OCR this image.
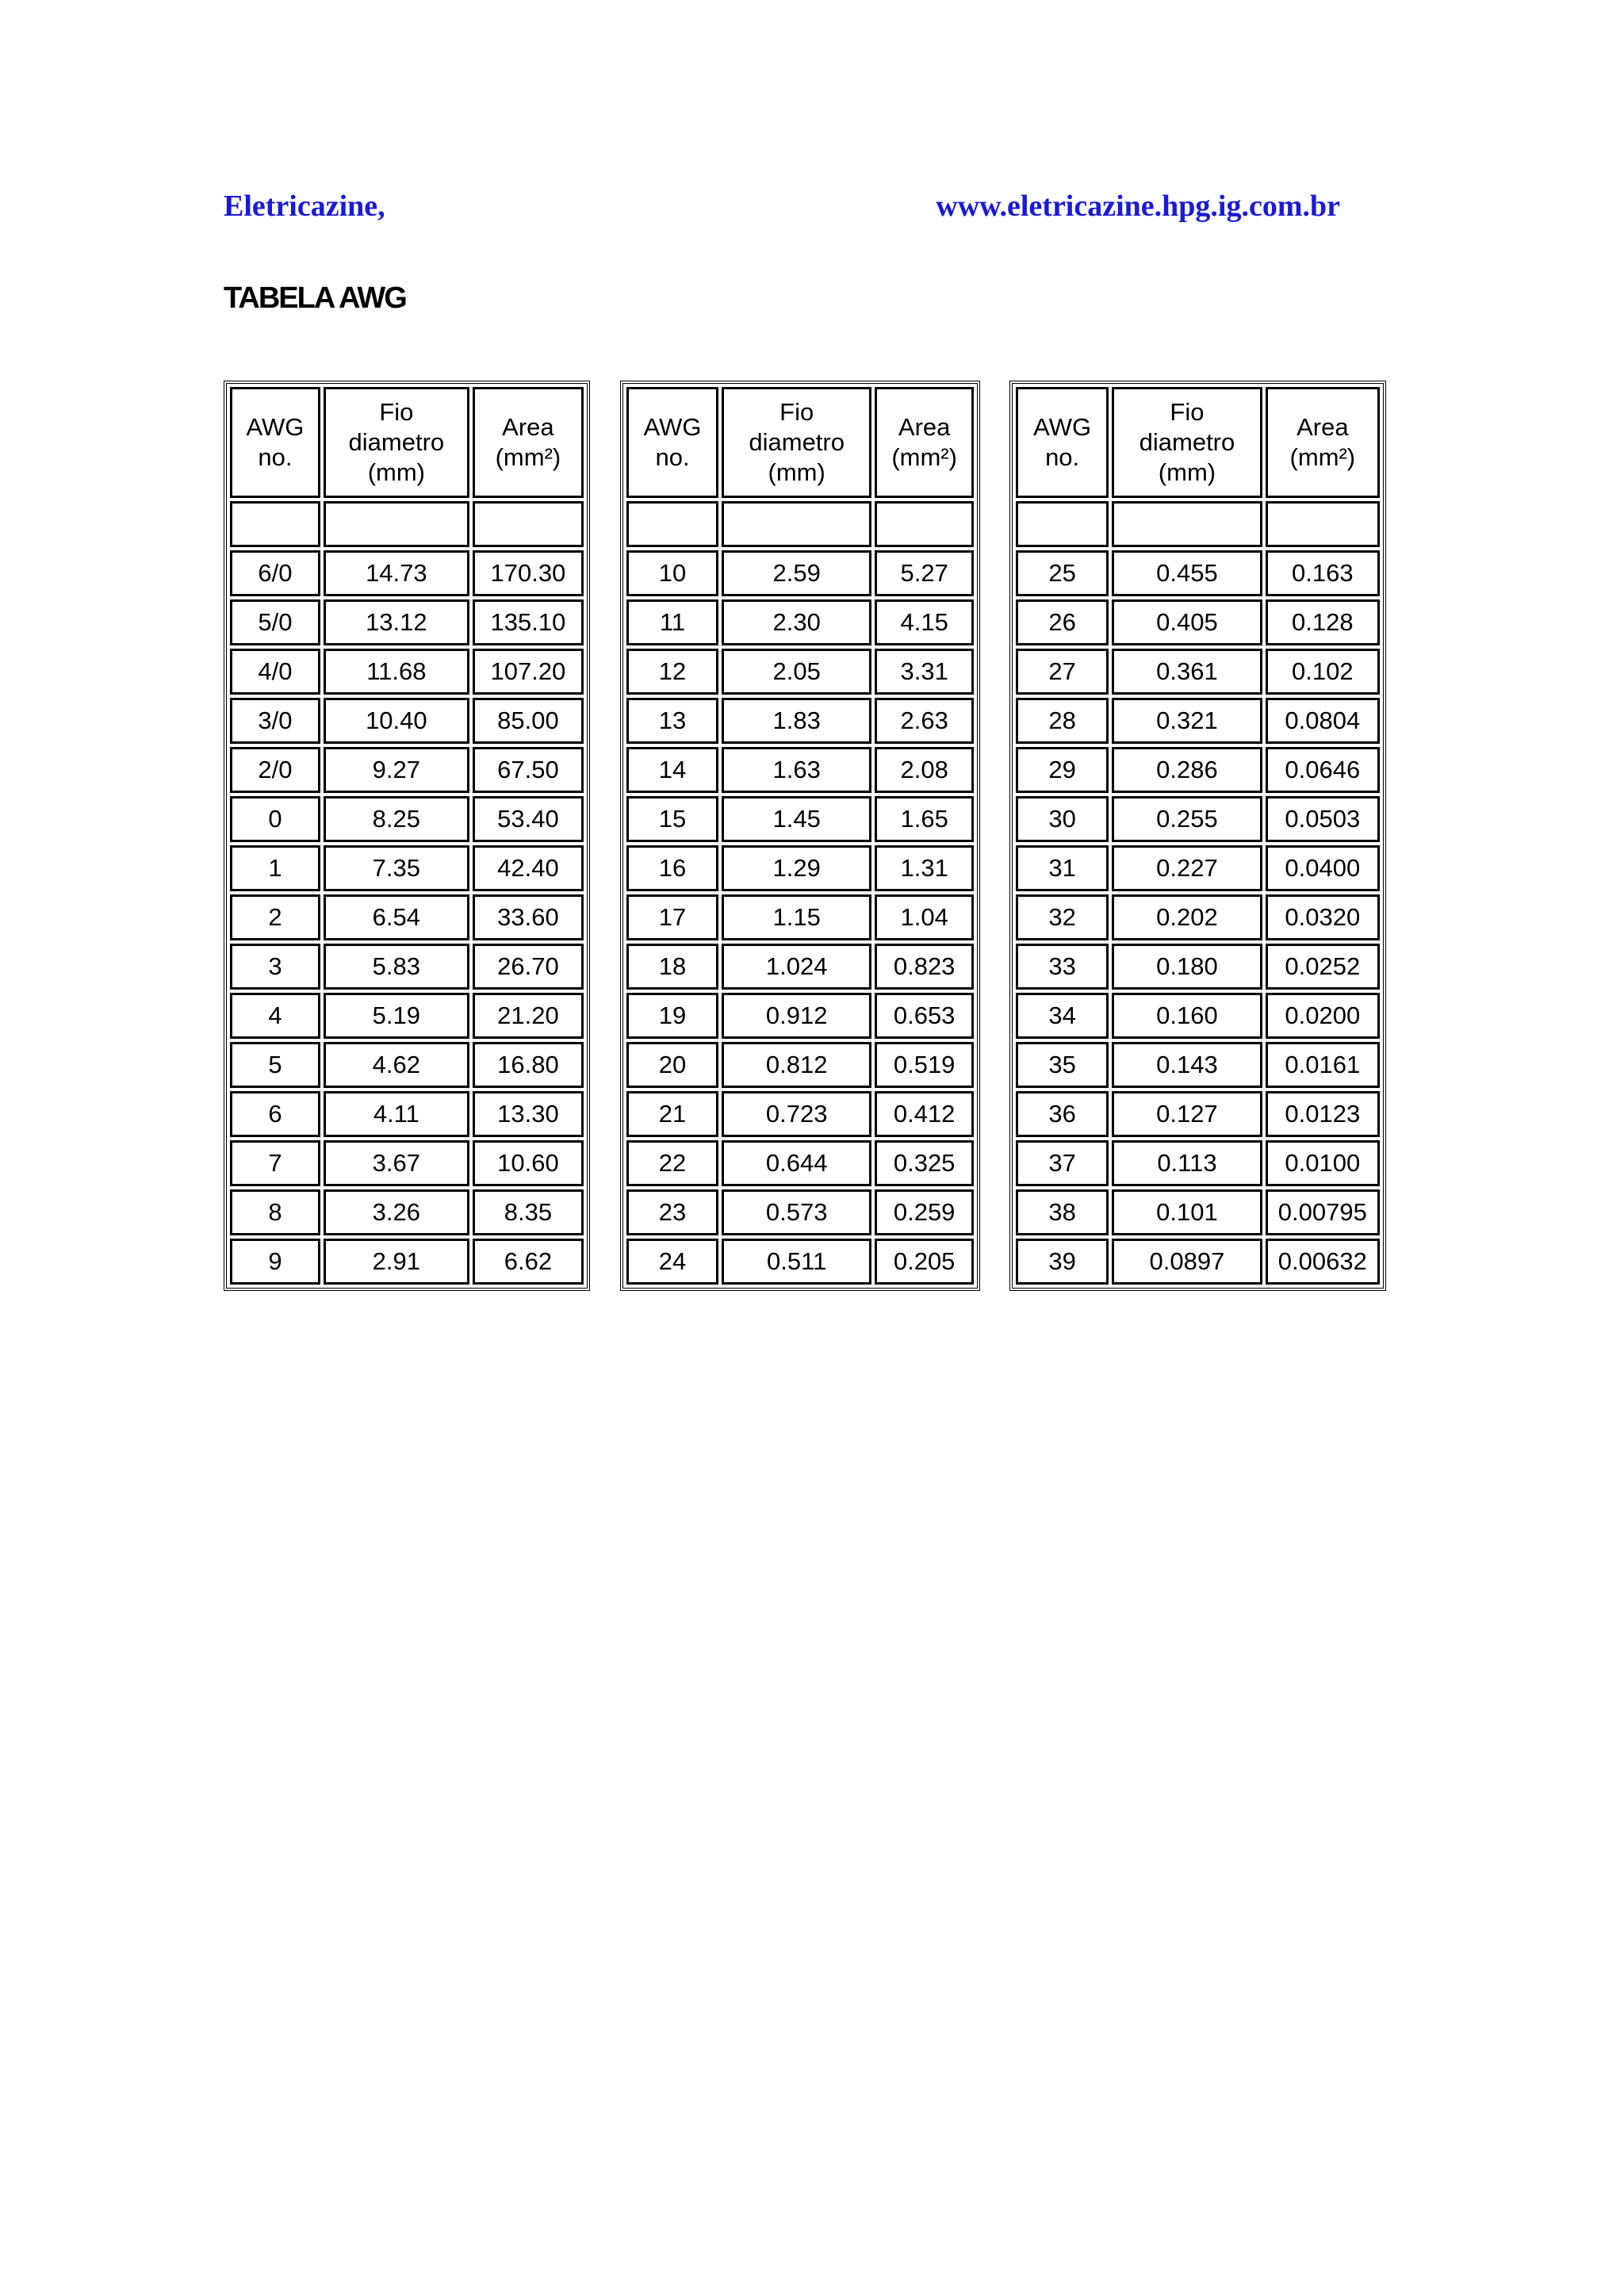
Eletricazine,	www.eletricazine.hpg.ig.com.br
TABELA AWG
AWG
no.	Fio
diametro
(mm)	Area
(mm²)

6/0	14.73	170.30
5/0	13.12	135.10
4/0	11.68	107.20
3/0	10.40	85.00
2/0	9.27	67.50
0	8.25	53.40
1	7.35	42.40
2	6.54	33.60
3	5.83	26.70
4	5.19	21.20
5	4.62	16.80
6	4.11	13.30
7	3.67	10.60
8	3.26	8.35
9	2.91	6.62
AWG
no.	Fio
diametro
(mm)	Area
(mm²)

10	2.59	5.27
11	2.30	4.15
12	2.05	3.31
13	1.83	2.63
14	1.63	2.08
15	1.45	1.65
16	1.29	1.31
17	1.15	1.04
18	1.024	0.823
19	0.912	0.653
20	0.812	0.519
21	0.723	0.412
22	0.644	0.325
23	0.573	0.259
24	0.511	0.205
AWG
no.	Fio
diametro
(mm)	Area
(mm²)

25	0.455	0.163
26	0.405	0.128
27	0.361	0.102
28	0.321	0.0804
29	0.286	0.0646
30	0.255	0.0503
31	0.227	0.0400
32	0.202	0.0320
33	0.180	0.0252
34	0.160	0.0200
35	0.143	0.0161
36	0.127	0.0123
37	0.113	0.0100
38	0.101	0.00795
39	0.0897	0.00632
